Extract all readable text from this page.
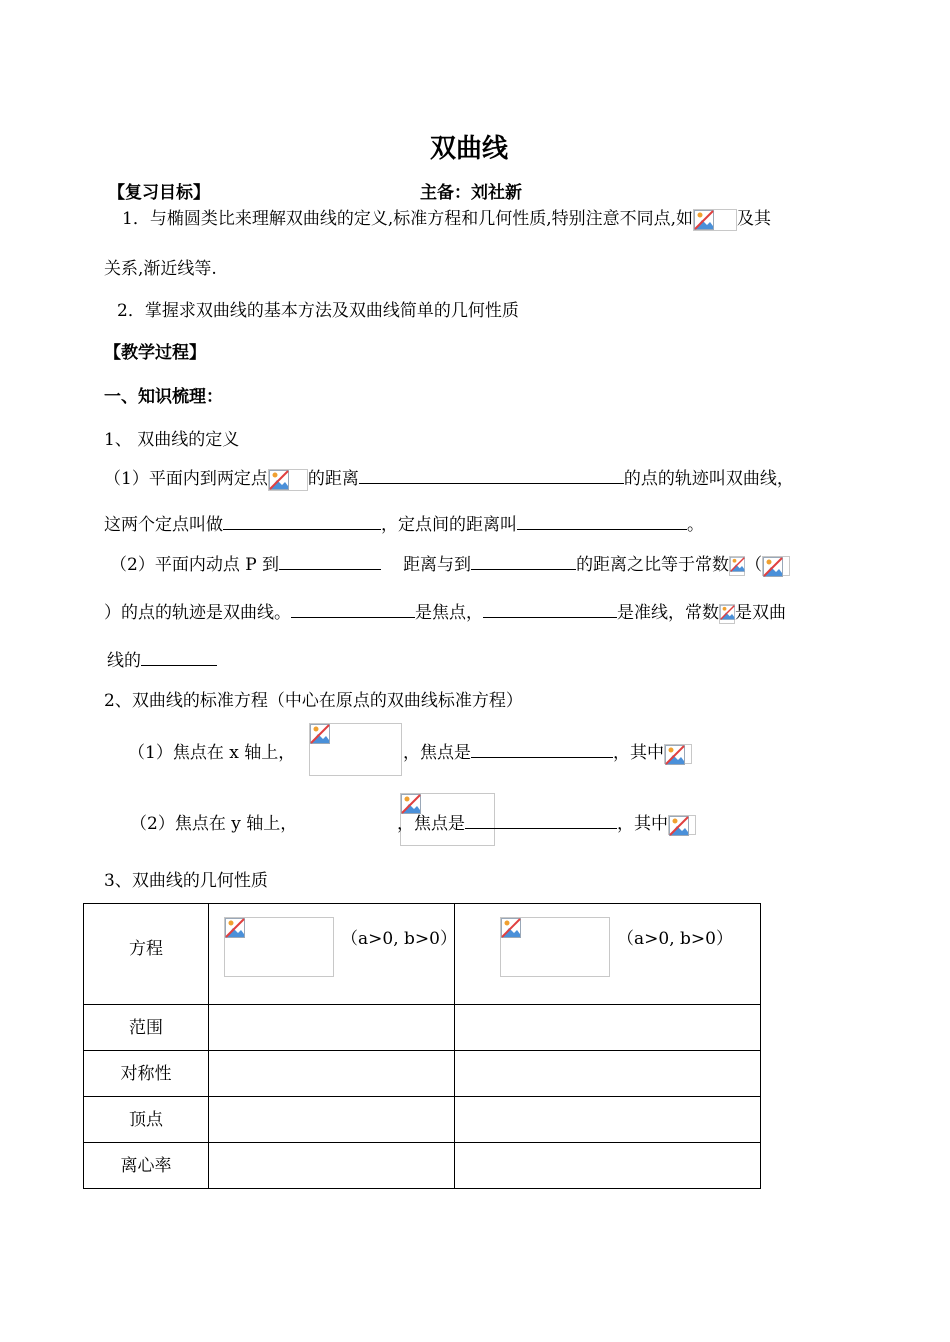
双曲线
【复习目标】	主备：刘社新
1．与椭圆类比来理解双曲线的定义,标准方程和几何性质,特别注意不同点,如	及其
关系,渐近线等.
2．掌握求双曲线的基本方法及双曲线简单的几何性质
【教学过程】
一、知识梳理：
1、 双曲线的定义
（1）平面内到两定点 的距离	的点的轨迹叫双曲线，
这两个定点叫做	，定点间的距离叫	。
（2）平面内动点 P 到	距离与到	的距离之比等于常数 （
）的点的轨迹是双曲线。	是焦点，	是准线，常数 是双曲
线的
2、双曲线的标准方程（中心在原点的双曲线标准方程）
（1）焦点在 x 轴上，
	，焦点是	，其中
（2）焦点在 y 轴上，	，焦点是	，其中
3、双曲线的几何性质
方程	（a>0, b>0）	（a>0, b>0）

范围		
对称性		
顶点		
离心率		
